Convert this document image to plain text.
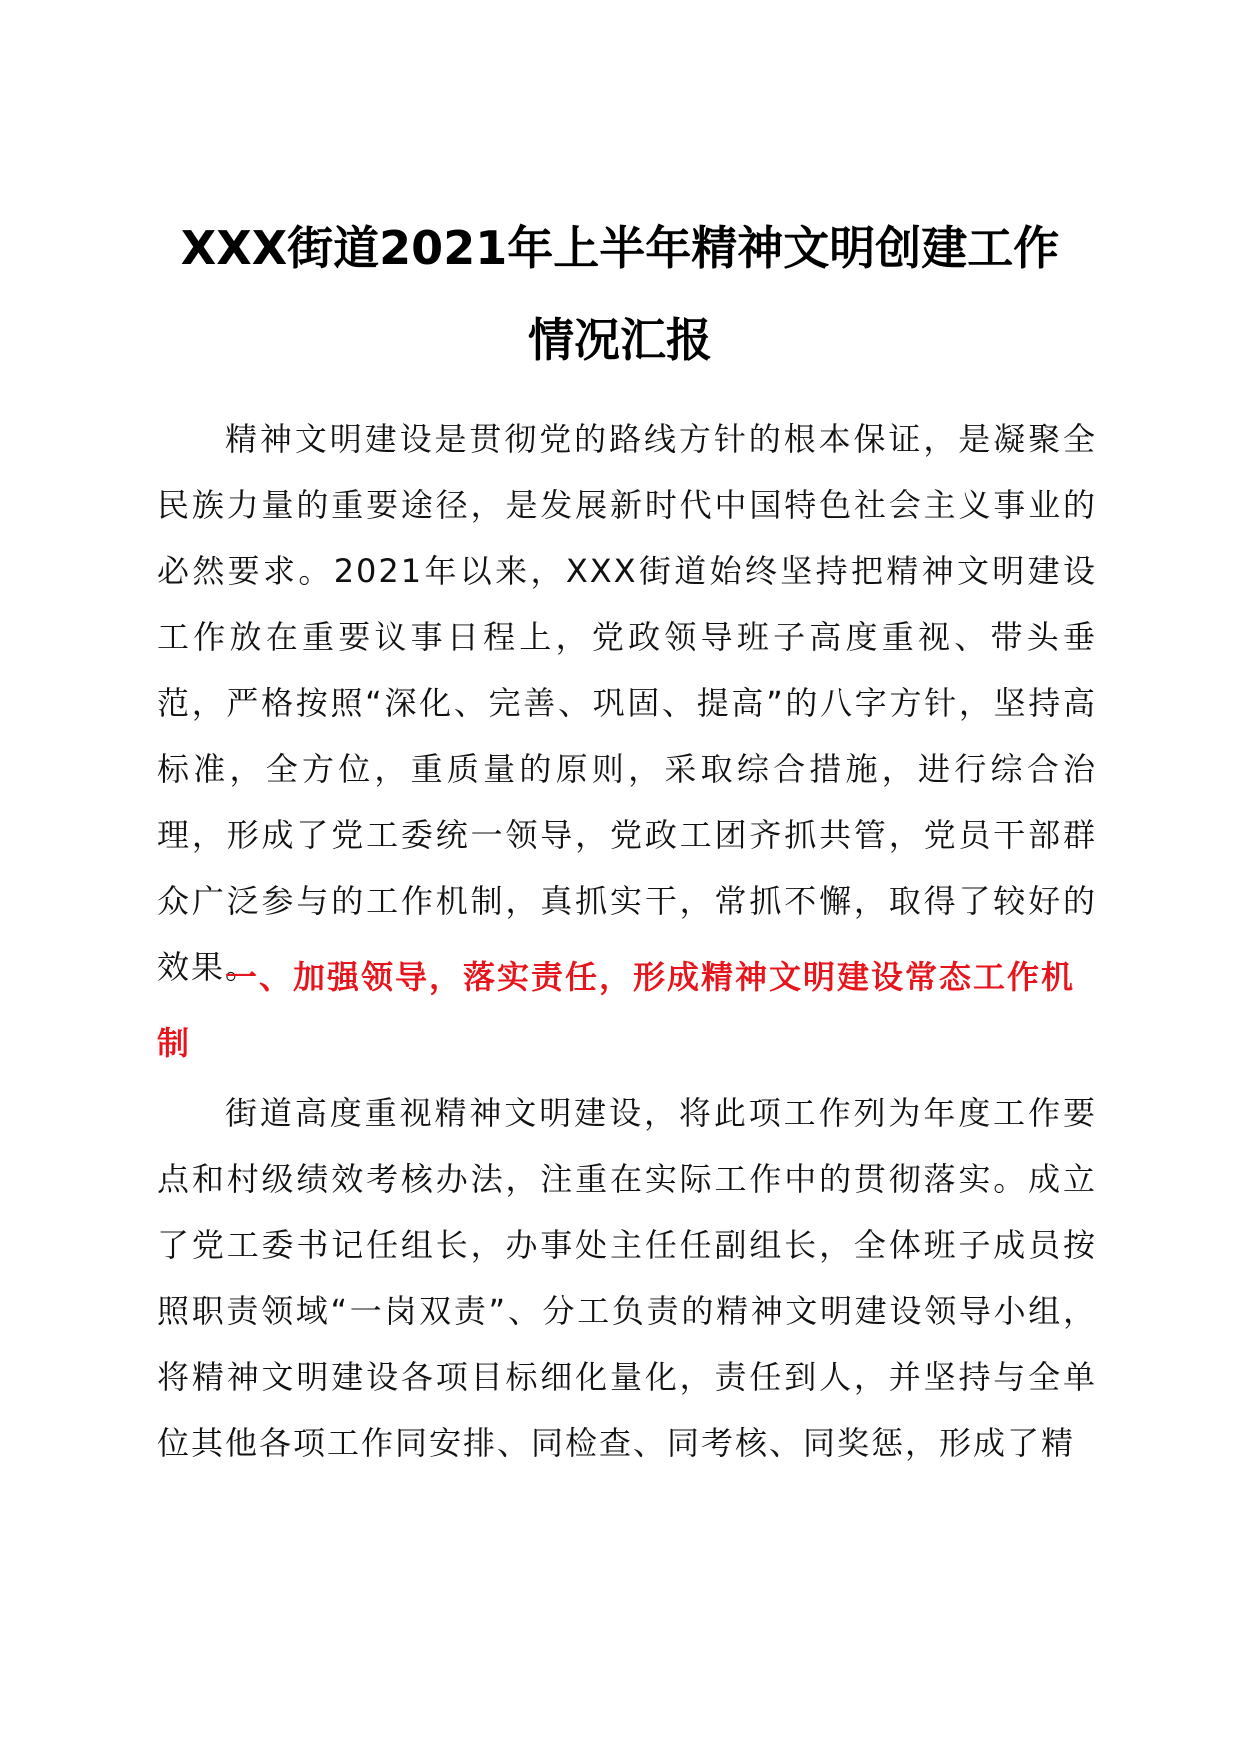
XXX街道2021年上半年精神文明创建工作
情况汇报

精神文明建设是贯彻党的路线方针的根本保证，是凝聚全民族力量的重要途径，是发展新时代中国特色社会主义事业的必然要求。2021年以来，XXX街道始终坚持把精神文明建设工作放在重要议事日程上，党政领导班子高度重视、带头垂范，严格按照“深化、完善、巩固、提高”的八字方针，坚持高标准，全方位，重质量的原则，采取综合措施，进行综合治理，形成了党工委统一领导，党政工团齐抓共管，党员干部群众广泛参与的工作机制，真抓实干，常抓不懈，取得了较好的效果。

一、加强领导，落实责任，形成精神文明建设常态工作机制

街道高度重视精神文明建设，将此项工作列为年度工作要点和村级绩效考核办法，注重在实际工作中的贯彻落实。成立了党工委书记任组长，办事处主任任副组长，全体班子成员按照职责领域“一岗双责”、分工负责的精神文明建设领导小组，将精神文明建设各项目标细化量化，责任到人，并坚持与全单位其他各项工作同安排、同检查、同考核、同奖惩，形成了精
